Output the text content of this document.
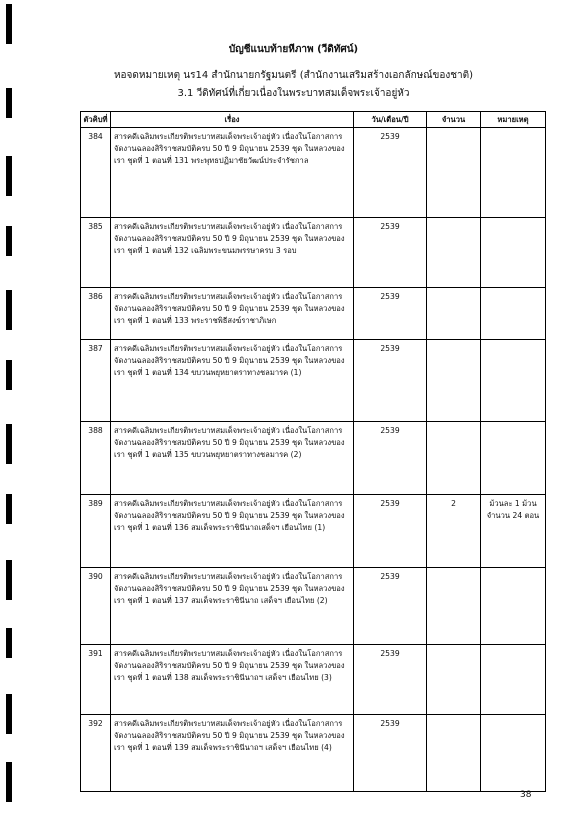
บัญชีแนบท้ายหีภาพ (วีดิทัศน์)
หอจดหมายเหตุ นร14 สำนักนายกรัฐมนตรี (สำนักงานเสริมสร้างเอกลักษณ์ของชาติ)
3.1 วีดิทัศน์ที่เกี่ยวเนื่องในพระบาทสมเด็จพระเจ้าอยู่หัว
ตัวคิบที่	เรื่อง	วัน/เดือน/ปี	จำนวน	หมายเหตุ
384	สารคดีเฉลิมพระเกียรติพระบาทสมเด็จพระเจ้าอยู่หัว เนื่องในโอกาสการจัดงานฉลองสิริราชสมบัติครบ 50 ปี 9 มิถุนายน 2539 ชุด ในหลวงของเรา ชุดที่ 1 ตอนที่ 131 พระพุทธปฏิมาชัยวัฒน์ประจำรัชกาล	2539		
385	สารคดีเฉลิมพระเกียรติพระบาทสมเด็จพระเจ้าอยู่หัว เนื่องในโอกาสการจัดงานฉลองสิริราชสมบัติครบ 50 ปี 9 มิถุนายน 2539 ชุด ในหลวงของเรา ชุดที่ 1 ตอนที่ 132 เฉลิมพระขนมพรรษาครบ 3 รอบ	2539		
386	สารคดีเฉลิมพระเกียรติพระบาทสมเด็จพระเจ้าอยู่หัว เนื่องในโอกาสการจัดงานฉลองสิริราชสมบัติครบ 50 ปี 9 มิถุนายน 2539 ชุด ในหลวงของเรา ชุดที่ 1 ตอนที่ 133 พระราชพิธีสงฆ์ราชาภิเษก	2539		
387	สารคดีเฉลิมพระเกียรติพระบาทสมเด็จพระเจ้าอยู่หัว เนื่องในโอกาสการจัดงานฉลองสิริราชสมบัติครบ 50 ปี 9 มิถุนายน 2539 ชุด ในหลวงของเรา ชุดที่ 1 ตอนที่ 134 ขบวนพยุหยาตราทางชลมารค (1)	2539		
388	สารคดีเฉลิมพระเกียรติพระบาทสมเด็จพระเจ้าอยู่หัว เนื่องในโอกาสการจัดงานฉลองสิริราชสมบัติครบ 50 ปี 9 มิถุนายน 2539 ชุด ในหลวงของเรา ชุดที่ 1 ตอนที่ 135 ขบวนพยุหยาตราทางชลมารค (2)	2539		
389	สารคดีเฉลิมพระเกียรติพระบาทสมเด็จพระเจ้าอยู่หัว เนื่องในโอกาสการจัดงานฉลองสิริราชสมบัติครบ 50 ปี 9 มิถุนายน 2539 ชุด ในหลวงของเรา ชุดที่ 1 ตอนที่ 136 สมเด็จพระราชินีนาถเสด็จฯ เยือนไทย (1)	2539	2	ม้วนละ 1 ม้วน จำนวน 24 ตอน
390	สารคดีเฉลิมพระเกียรติพระบาทสมเด็จพระเจ้าอยู่หัว เนื่องในโอกาสการจัดงานฉลองสิริราชสมบัติครบ 50 ปี 9 มิถุนายน 2539 ชุด ในหลวงของเรา ชุดที่ 1 ตอนที่ 137 สมเด็จพระราชินีนาถ เสด็จฯ เยือนไทย (2)	2539		
391	สารคดีเฉลิมพระเกียรติพระบาทสมเด็จพระเจ้าอยู่หัว เนื่องในโอกาสการจัดงานฉลองสิริราชสมบัติครบ 50 ปี 9 มิถุนายน 2539 ชุด ในหลวงของเรา ชุดที่ 1 ตอนที่ 138 สมเด็จพระราชินีนาถฯ เสด็จฯ เยือนไทย (3)	2539		
392	สารคดีเฉลิมพระเกียรติพระบาทสมเด็จพระเจ้าอยู่หัว เนื่องในโอกาสการจัดงานฉลองสิริราชสมบัติครบ 50 ปี 9 มิถุนายน 2539 ชุด ในหลวงของเรา ชุดที่ 1 ตอนที่ 139 สมเด็จพระราชินีนาถฯ เสด็จฯ เยือนไทย (4)	2539		
38
